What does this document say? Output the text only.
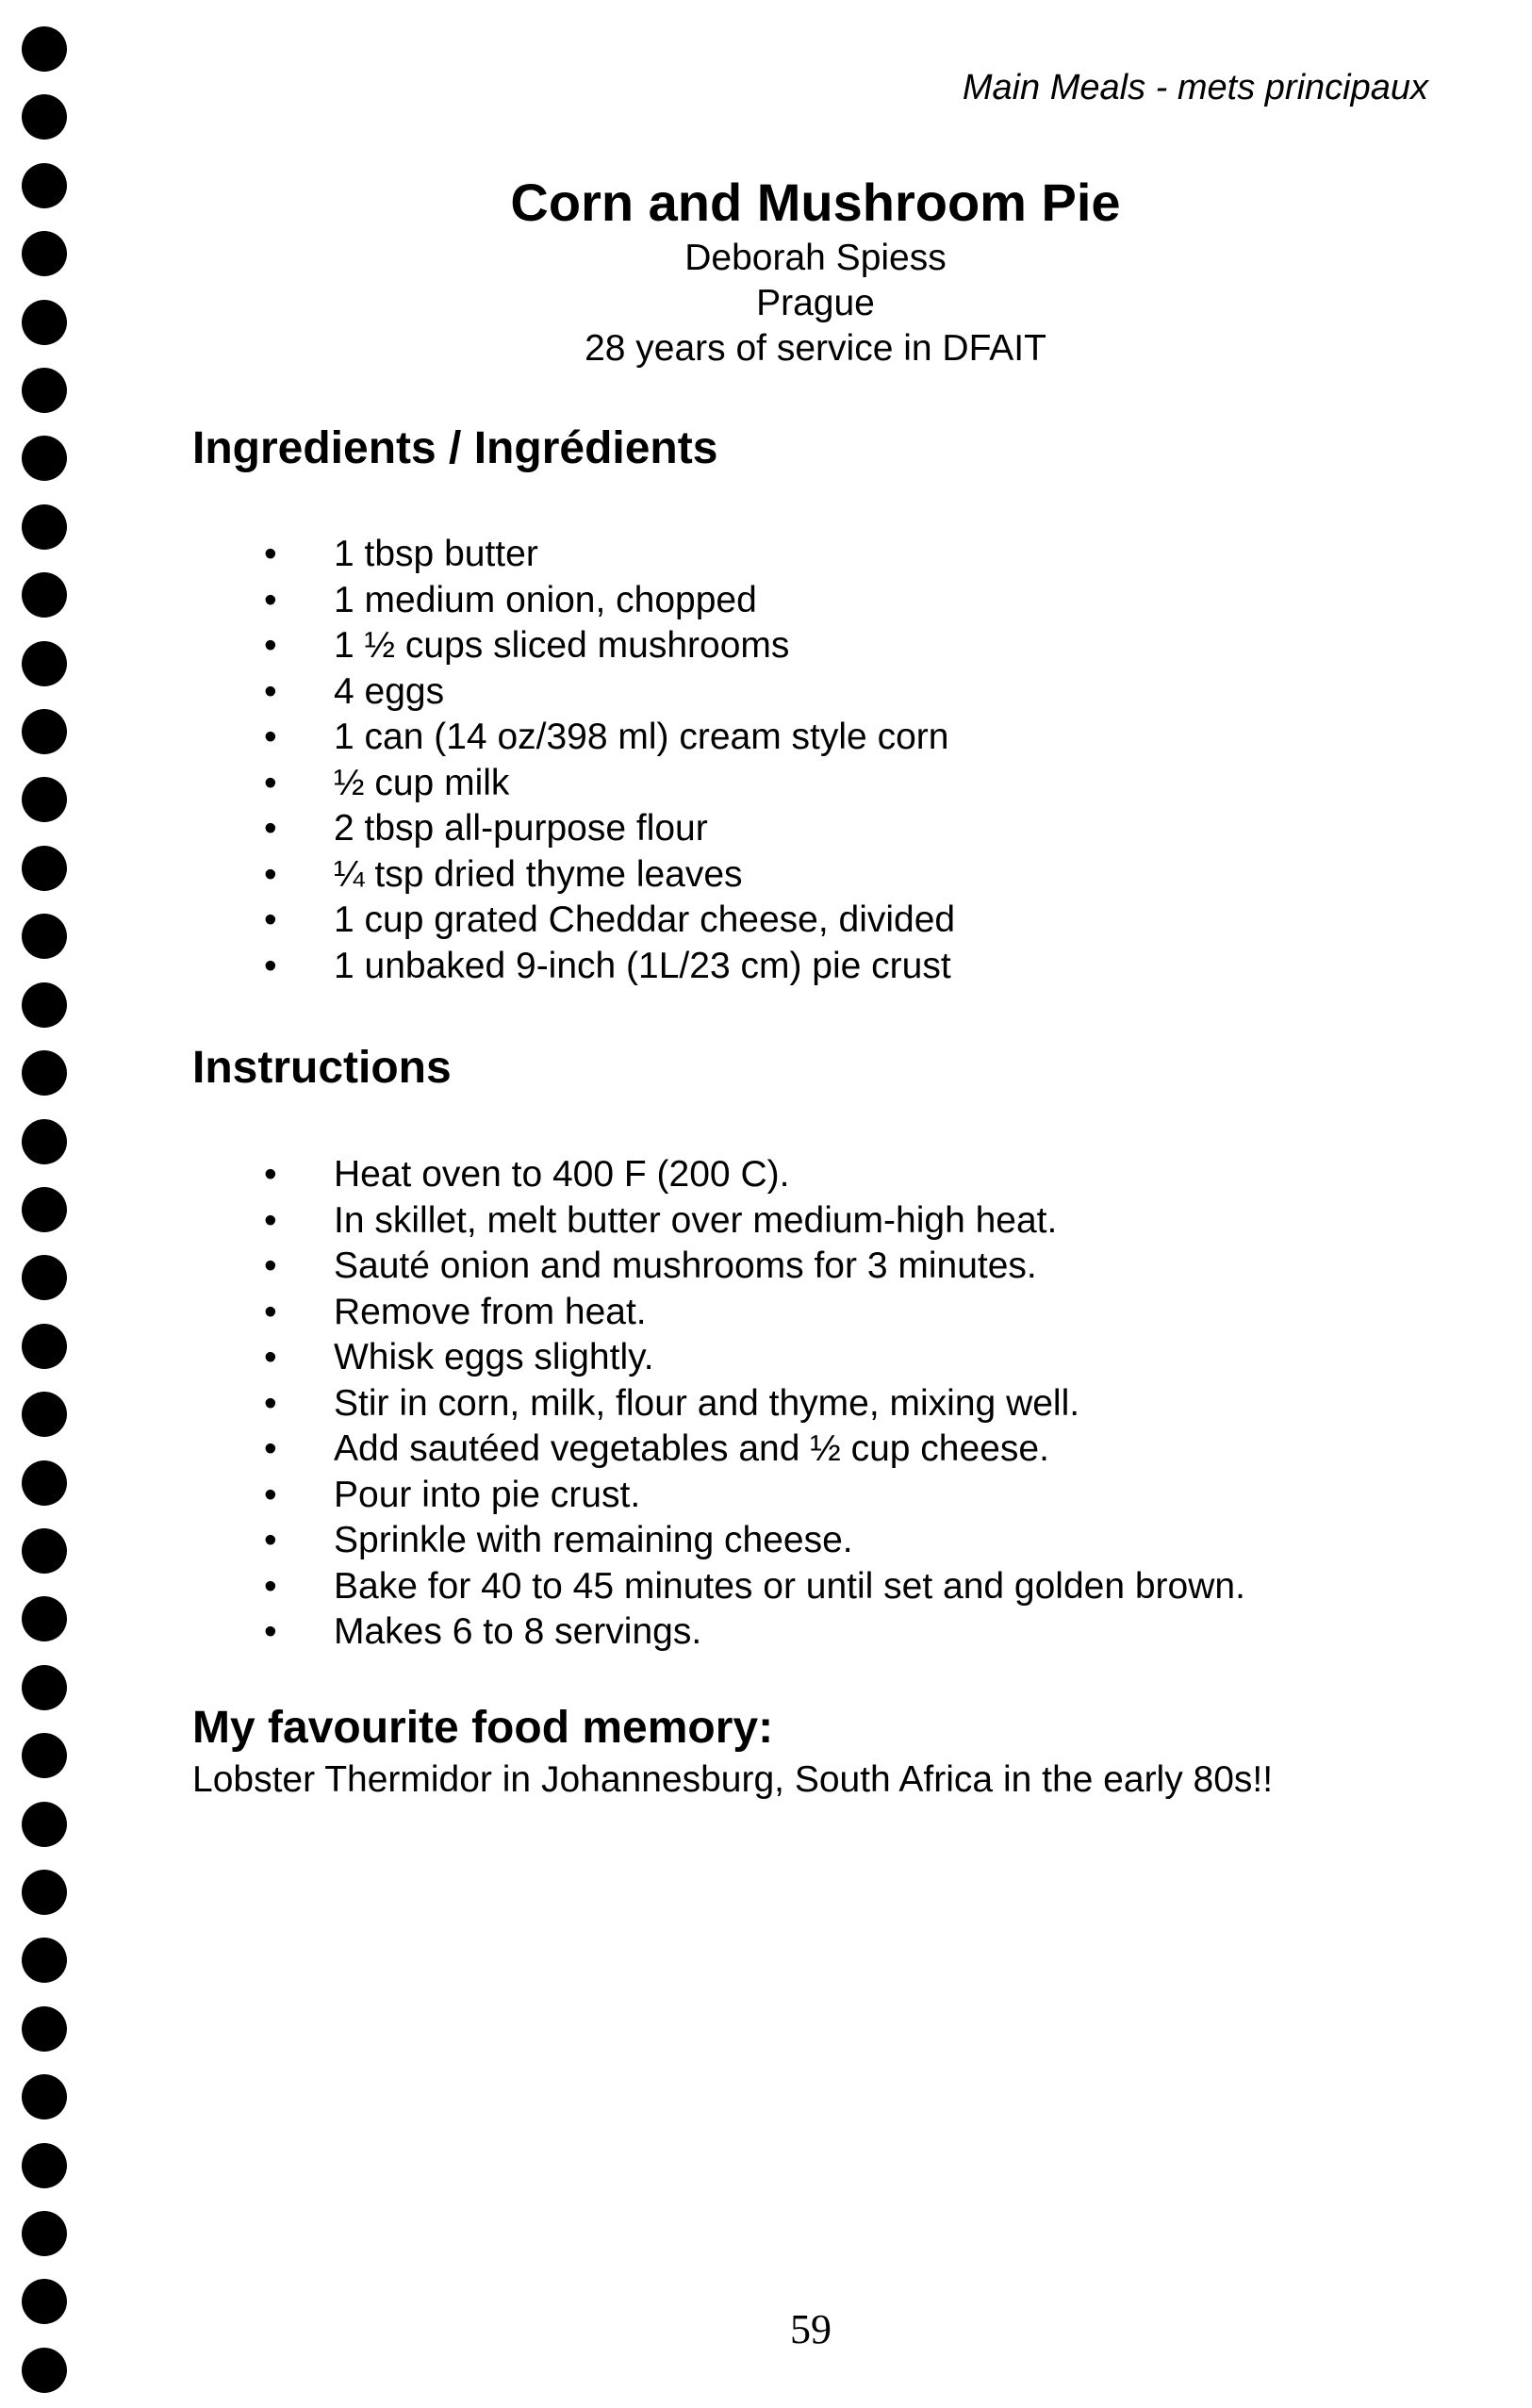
Main Meals - mets principaux
Corn and Mushroom Pie
Deborah Spiess
Prague
28 years of service in DFAIT
Ingredients / Ingrédients
• 1 tbsp butter
• 1 medium onion, chopped
• 1 ½ cups sliced mushrooms
• 4 eggs
• 1 can (14 oz/398 ml) cream style corn
• ½ cup milk
• 2 tbsp all-purpose flour
• ¼ tsp dried thyme leaves
• 1 cup grated Cheddar cheese, divided
• 1 unbaked 9-inch (1L/23 cm) pie crust
Instructions
• Heat oven to 400 F (200 C).
• In skillet, melt butter over medium-high heat.
• Sauté onion and mushrooms for 3 minutes.
• Remove from heat.
• Whisk eggs slightly.
• Stir in corn, milk, flour and thyme, mixing well.
• Add sautéed vegetables and ½ cup cheese.
• Pour into pie crust.
• Sprinkle with remaining cheese.
• Bake for 40 to 45 minutes or until set and golden brown.
• Makes 6 to 8 servings.
My favourite food memory:
Lobster Thermidor in Johannesburg, South Africa in the early 80s!!
59
